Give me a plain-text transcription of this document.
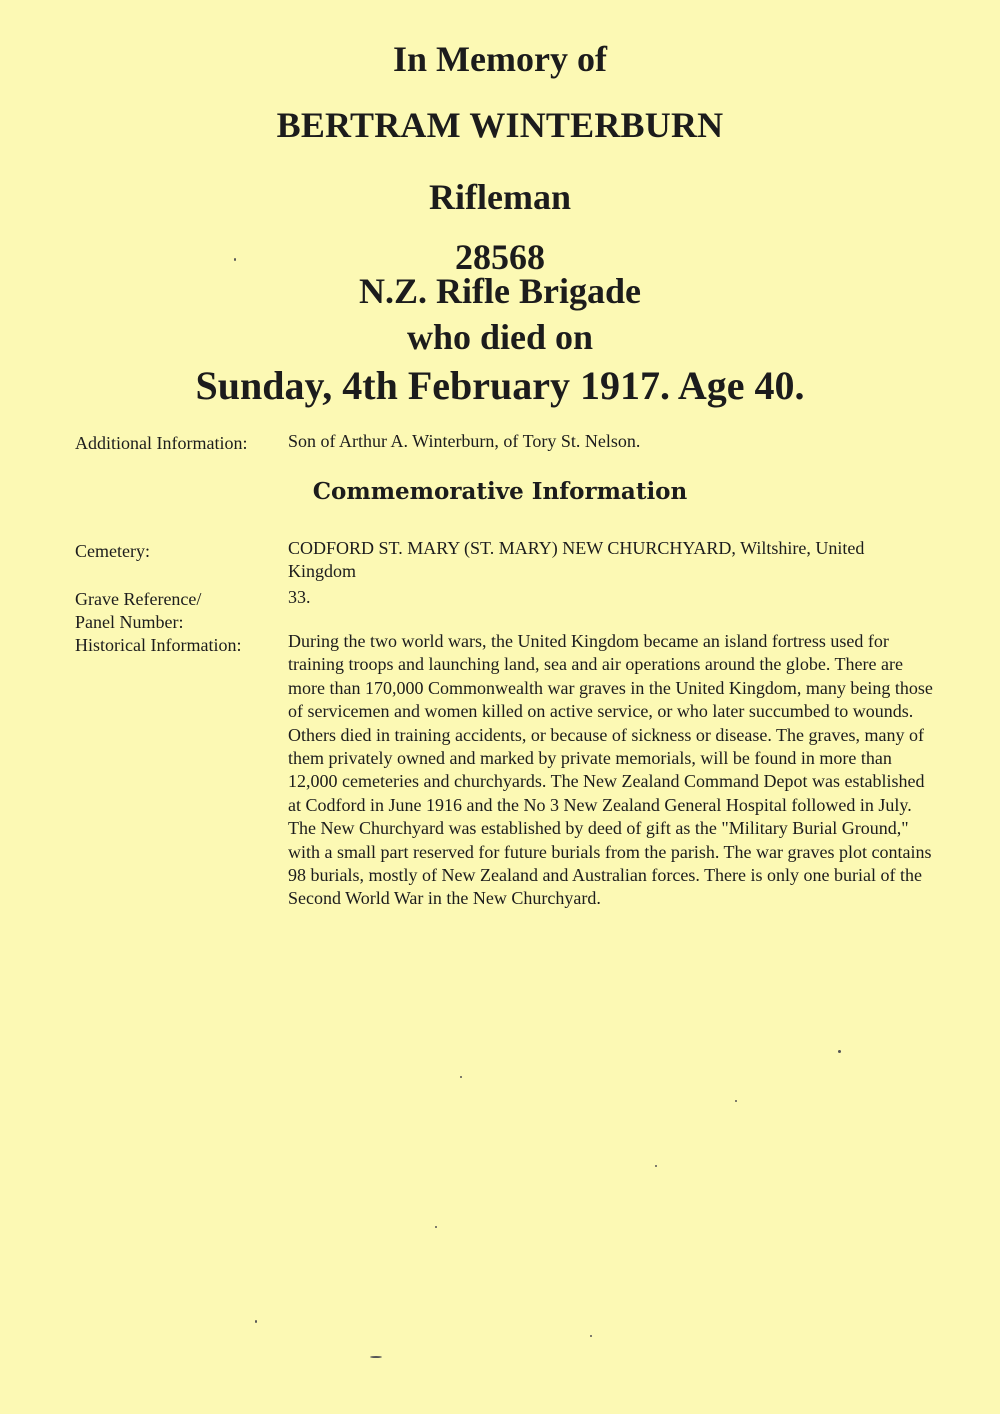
In Memory of
BERTRAM WINTERBURN
Rifleman
28568
N.Z. Rifle Brigade
who died on
Sunday, 4th February 1917. Age 40.
Additional Information:	Son of Arthur A. Winterburn, of Tory St. Nelson.
Commemorative Information
Cemetery:	CODFORD ST. MARY (ST. MARY) NEW CHURCHYARD, Wiltshire, United Kingdom
Grave Reference/
Panel Number:
33.
Historical Information:	During the two world wars, the United Kingdom became an island fortress used for training troops and launching land, sea and air operations around the globe. There are more than 170,000 Commonwealth war graves in the United Kingdom, many being those of servicemen and women killed on active service, or who later succumbed to wounds. Others died in training accidents, or because of sickness or disease. The graves, many of them privately owned and marked by private memorials, will be found in more than 12,000 cemeteries and churchyards. The New Zealand Command Depot was established at Codford in June 1916 and the No 3 New Zealand General Hospital followed in July. The New Churchyard was established by deed of gift as the "Military Burial Ground," with a small part reserved for future burials from the parish. The war graves plot contains 98 burials, mostly of New Zealand and Australian forces. There is only one burial of the Second World War in the New Churchyard.
